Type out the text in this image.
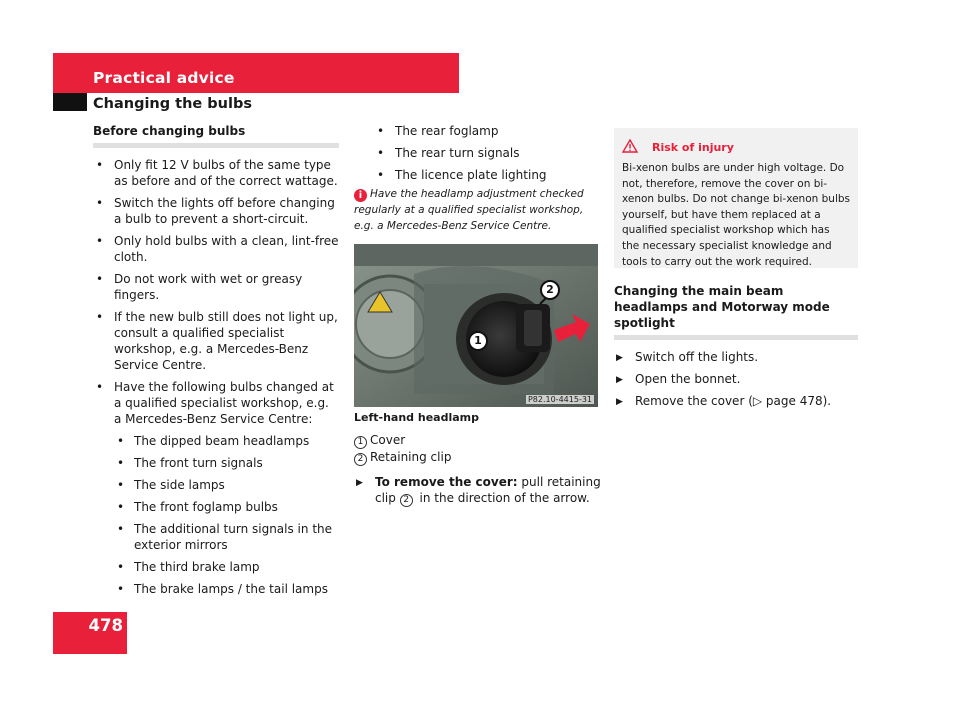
Practical advice
Changing the bulbs
Before changing bulbs
• Only fit 12 V bulbs of the same type as before and of the correct wattage.
• Switch the lights off before changing a bulb to prevent a short-circuit.
• Only hold bulbs with a clean, lint-free cloth.
• Do not work with wet or greasy fingers.
• If the new bulb still does not light up, consult a qualified specialist workshop, e.g. a Mercedes-Benz Service Centre.
• Have the following bulbs changed at a qualified specialist workshop, e.g. a Mercedes-Benz Service Centre:
• The dipped beam headlamps
• The front turn signals
• The side lamps
• The front foglamp bulbs
• The additional turn signals in the exterior mirrors
• The third brake lamp
• The brake lamps / the tail lamps
• The rear foglamp
• The rear turn signals
• The licence plate lighting
i Have the headlamp adjustment checked regularly at a qualified specialist workshop, e.g. a Mercedes-Benz Service Centre.
1
2
P82.10-4415-31
Left-hand headlamp
1 Cover
2 Retaining clip
▶ To remove the cover: pull retaining clip 2 in the direction of the arrow.
Risk of injury
Bi-xenon bulbs are under high voltage. Do not, therefore, remove the cover on bi-xenon bulbs. Do not change bi-xenon bulbs yourself, but have them replaced at a qualified specialist workshop which has the necessary specialist knowledge and tools to carry out the work required.
Changing the main beam headlamps and Motorway mode spotlight
▶ Switch off the lights.
▶ Open the bonnet.
▶ Remove the cover (▷ page 478).
478
